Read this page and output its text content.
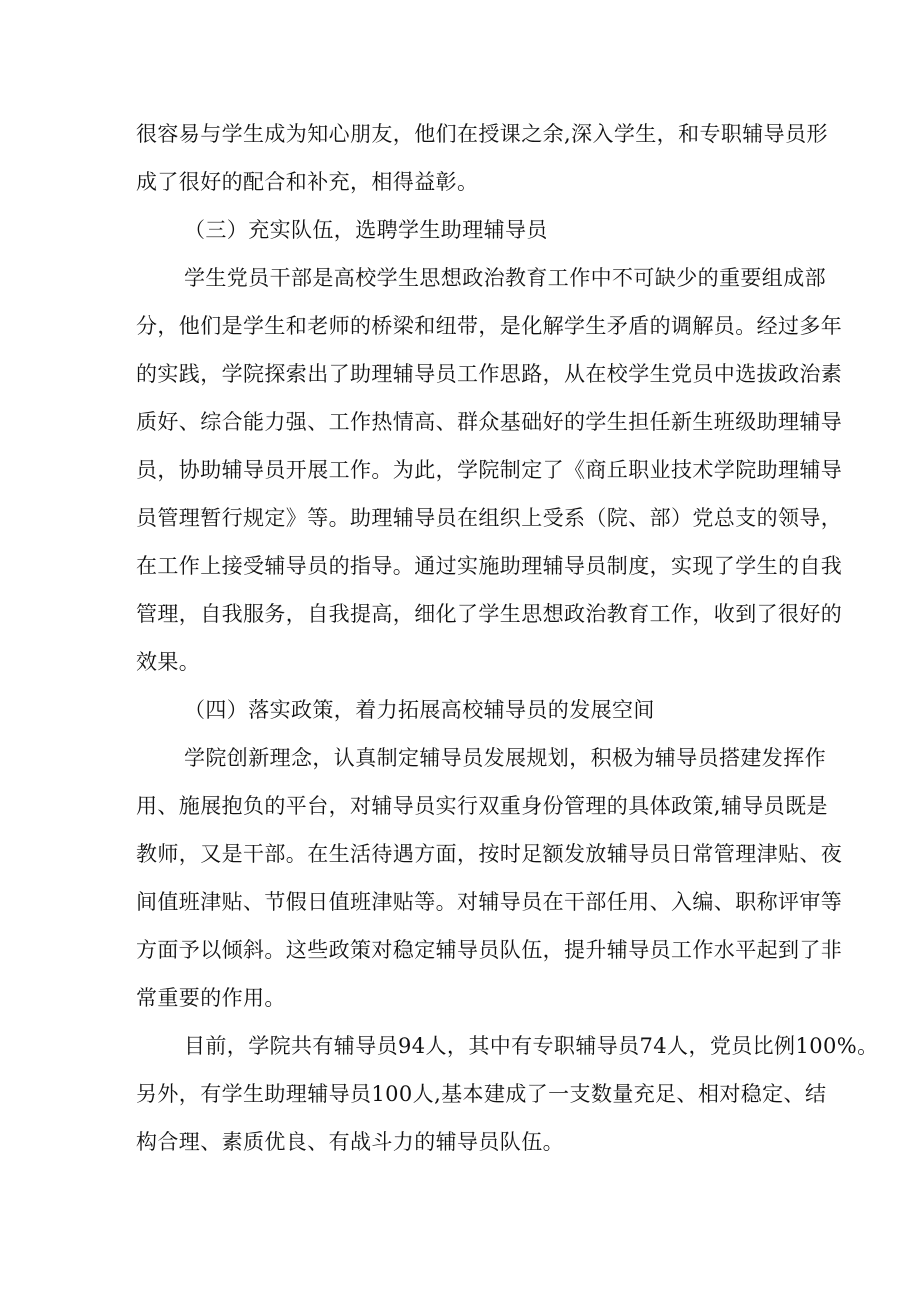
很容易与学生成为知心朋友，他们在授课之余,深入学生，和专职辅导员形
成了很好的配合和补充，相得益彰。
（三）充实队伍，选聘学生助理辅导员
学生党员干部是高校学生思想政治教育工作中不可缺少的重要组成部
分，他们是学生和老师的桥梁和纽带，是化解学生矛盾的调解员。经过多年
的实践，学院探索出了助理辅导员工作思路，从在校学生党员中选拔政治素
质好、综合能力强、工作热情高、群众基础好的学生担任新生班级助理辅导
员，协助辅导员开展工作。为此，学院制定了《商丘职业技术学院助理辅导
员管理暂行规定》等。助理辅导员在组织上受系（院、部）党总支的领导，
在工作上接受辅导员的指导。通过实施助理辅导员制度，实现了学生的自我
管理，自我服务，自我提高，细化了学生思想政治教育工作，收到了很好的
效果。
（四）落实政策，着力拓展高校辅导员的发展空间
学院创新理念，认真制定辅导员发展规划，积极为辅导员搭建发挥作
用、施展抱负的平台，对辅导员实行双重身份管理的具体政策,辅导员既是
教师，又是干部。在生活待遇方面，按时足额发放辅导员日常管理津贴、夜
间值班津贴、节假日值班津贴等。对辅导员在干部任用、入编、职称评审等
方面予以倾斜。这些政策对稳定辅导员队伍，提升辅导员工作水平起到了非
常重要的作用。
目前，学院共有辅导员94人，其中有专职辅导员74人，党员比例100%。
另外，有学生助理辅导员100人,基本建成了一支数量充足、相对稳定、结
构合理、素质优良、有战斗力的辅导员队伍。
